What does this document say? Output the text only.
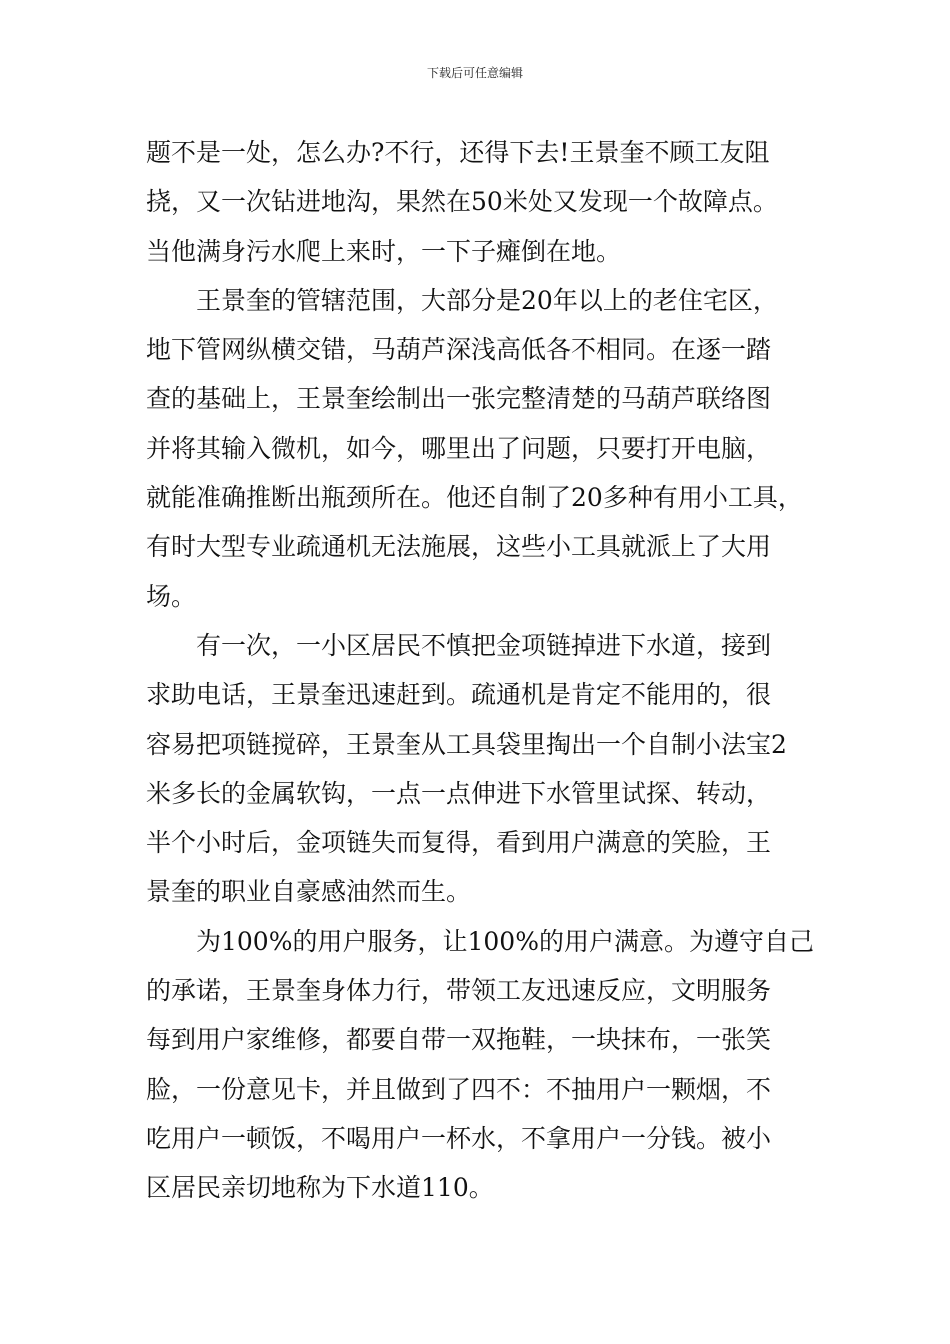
下载后可任意编辑
题不是一处，怎么办?不行，还得下去!王景奎不顾工友阻
挠，又一次钻进地沟，果然在50米处又发现一个故障点。
当他满身污水爬上来时，一下子瘫倒在地。
王景奎的管辖范围，大部分是20年以上的老住宅区，
地下管网纵横交错，马葫芦深浅高低各不相同。在逐一踏
查的基础上，王景奎绘制出一张完整清楚的马葫芦联络图
并将其输入微机，如今，哪里出了问题，只要打开电脑，
就能准确推断出瓶颈所在。他还自制了20多种有用小工具，
有时大型专业疏通机无法施展，这些小工具就派上了大用
场。
有一次，一小区居民不慎把金项链掉进下水道，接到
求助电话，王景奎迅速赶到。疏通机是肯定不能用的，很
容易把项链搅碎，王景奎从工具袋里掏出一个自制小法宝2
米多长的金属软钩，一点一点伸进下水管里试探、转动，
半个小时后，金项链失而复得，看到用户满意的笑脸，王
景奎的职业自豪感油然而生。
为100%的用户服务，让100%的用户满意。为遵守自己
的承诺，王景奎身体力行，带领工友迅速反应，文明服务
每到用户家维修，都要自带一双拖鞋，一块抹布，一张笑
脸，一份意见卡，并且做到了四不：不抽用户一颗烟，不
吃用户一顿饭，不喝用户一杯水，不拿用户一分钱。被小
区居民亲切地称为下水道110。
